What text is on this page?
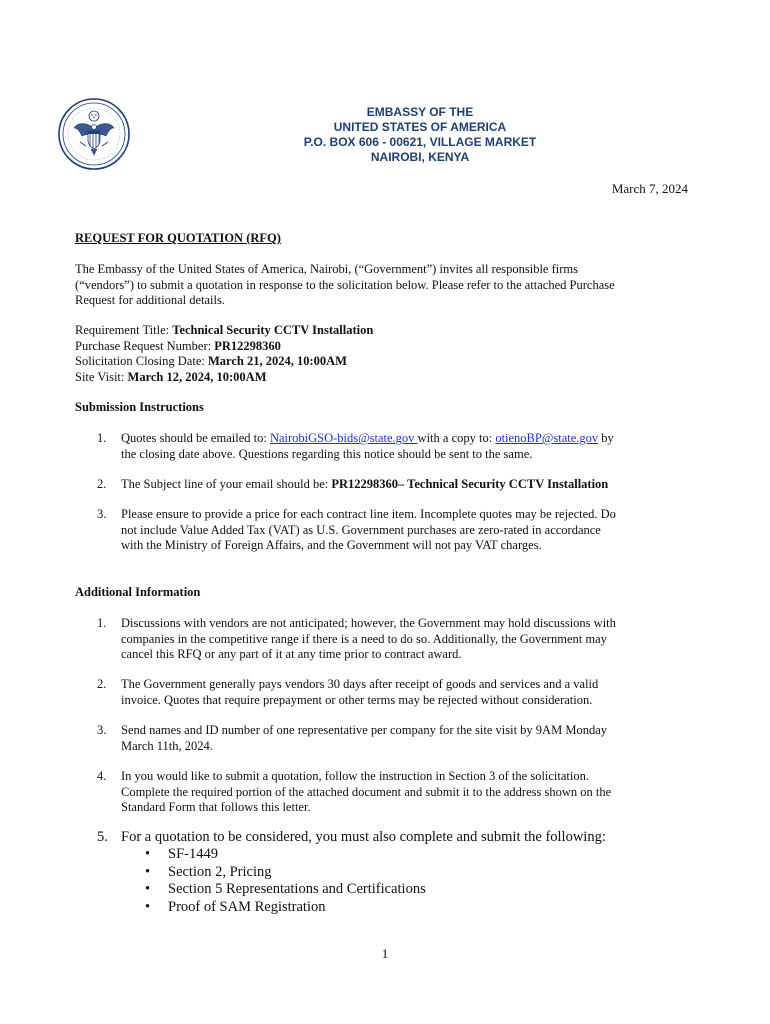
EMBASSY OF THE
UNITED STATES OF AMERICA
P.O. BOX 606 - 00621, VILLAGE MARKET
NAIROBI, KENYA
March 7, 2024
REQUEST FOR QUOTATION (RFQ)
The Embassy of the United States of America, Nairobi, (“Government”) invites all responsible firms
(“vendors”) to submit a quotation in response to the solicitation below. Please refer to the attached Purchase
Request for additional details.
Requirement Title: Technical Security CCTV Installation
Purchase Request Number: PR12298360
Solicitation Closing Date: March 21, 2024, 10:00AM
Site Visit: March 12, 2024, 10:00AM
Submission Instructions
1. Quotes should be emailed to: NairobiGSO-bids@state.gov with a copy to: otienoBP@state.gov by
the closing date above. Questions regarding this notice should be sent to the same.
2. The Subject line of your email should be: PR12298360– Technical Security CCTV Installation
3. Please ensure to provide a price for each contract line item. Incomplete quotes may be rejected. Do
not include Value Added Tax (VAT) as U.S. Government purchases are zero-rated in accordance
with the Ministry of Foreign Affairs, and the Government will not pay VAT charges.
Additional Information
1. Discussions with vendors are not anticipated; however, the Government may hold discussions with
companies in the competitive range if there is a need to do so. Additionally, the Government may
cancel this RFQ or any part of it at any time prior to contract award.
2. The Government generally pays vendors 30 days after receipt of goods and services and a valid
invoice. Quotes that require prepayment or other terms may be rejected without consideration.
3. Send names and ID number of one representative per company for the site visit by 9AM Monday
March 11th, 2024.
4. In you would like to submit a quotation, follow the instruction in Section 3 of the solicitation.
Complete the required portion of the attached document and submit it to the address shown on the
Standard Form that follows this letter.
5. For a quotation to be considered, you must also complete and submit the following:
• SF-1449
• Section 2, Pricing
• Section 5 Representations and Certifications
• Proof of SAM Registration
1
